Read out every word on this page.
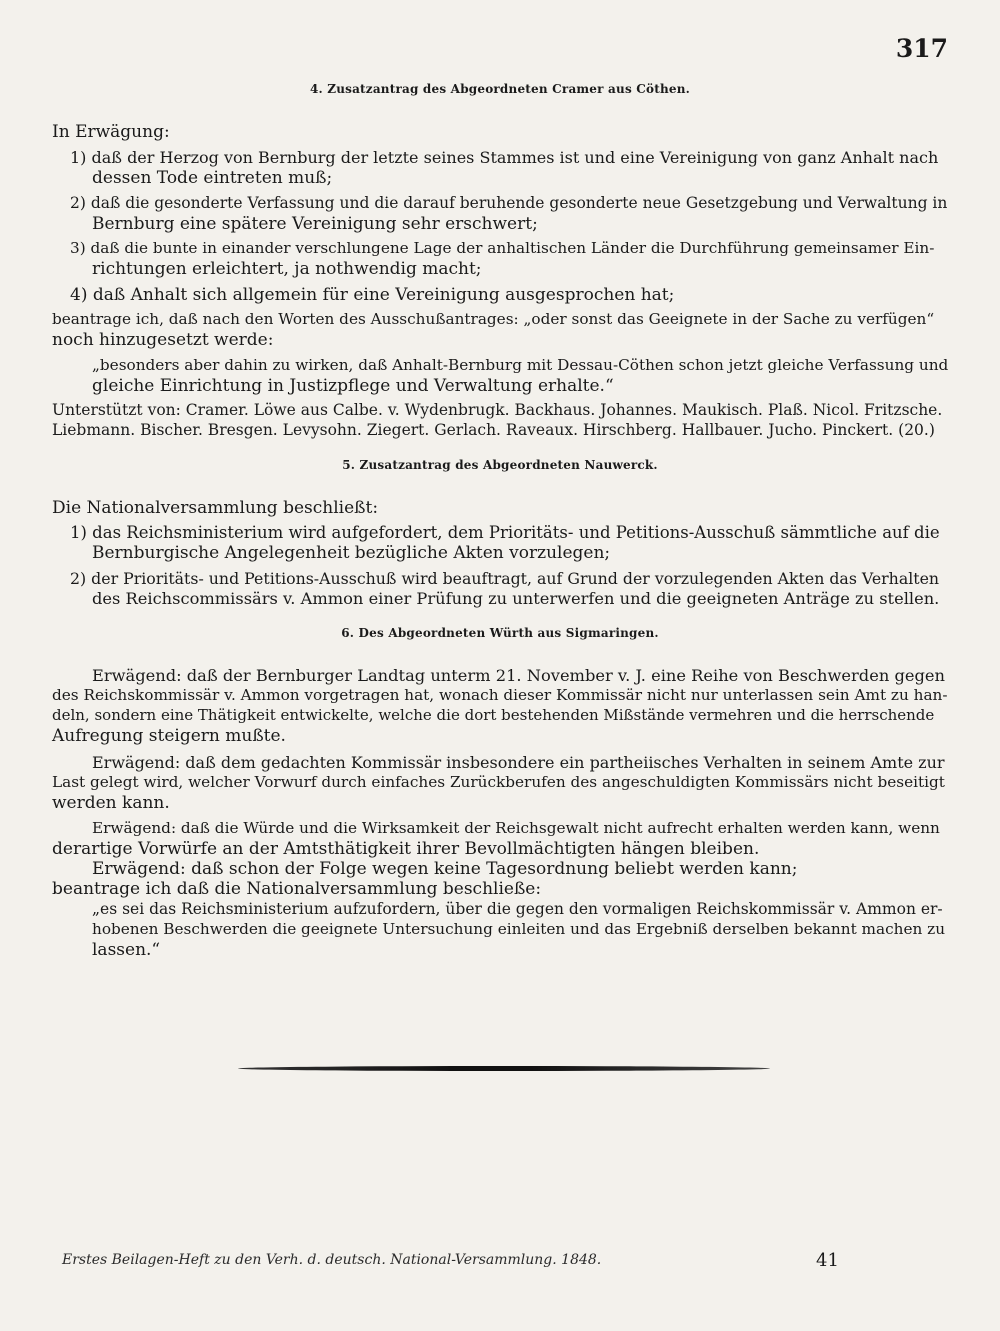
317
4. Zusatzantrag des Abgeordneten Cramer aus Cöthen.
In Erwägung:
1) daß der Herzog von Bernburg der letzte seines Stammes ist und eine Vereinigung von ganz Anhalt nach
dessen Tode eintreten muß;
2) daß die gesonderte Verfassung und die darauf beruhende gesonderte neue Gesetzgebung und Verwaltung in
Bernburg eine spätere Vereinigung sehr erschwert;
3) daß die bunte in einander verschlungene Lage der anhaltischen Länder die Durchführung gemeinsamer Ein-
richtungen erleichtert, ja nothwendig macht;
4) daß Anhalt sich allgemein für eine Vereinigung ausgesprochen hat;
beantrage ich, daß nach den Worten des Ausschußantrages: „oder sonst das Geeignete in der Sache zu verfügen“
noch hinzugesetzt werde:
„besonders aber dahin zu wirken, daß Anhalt-Bernburg mit Dessau-Cöthen schon jetzt gleiche Verfassung und
gleiche Einrichtung in Justizpflege und Verwaltung erhalte.“
Unterstützt von: Cramer. Löwe aus Calbe. v. Wydenbrugk. Backhaus. Johannes. Maukisch. Plaß. Nicol. Fritzsche.
Liebmann. Bischer. Bresgen. Levysohn. Ziegert. Gerlach. Raveaux. Hirschberg. Hallbauer. Jucho. Pinckert. (20.)
5. Zusatzantrag des Abgeordneten Nauwerck.
Die Nationalversammlung beschließt:
1) das Reichsministerium wird aufgefordert, dem Prioritäts- und Petitions-Ausschuß sämmtliche auf die
Bernburgische Angelegenheit bezügliche Akten vorzulegen;
2) der Prioritäts- und Petitions-Ausschuß wird beauftragt, auf Grund der vorzulegenden Akten das Verhalten
des Reichscommissärs v. Ammon einer Prüfung zu unterwerfen und die geeigneten Anträge zu stellen.
6. Des Abgeordneten Würth aus Sigmaringen.
Erwägend: daß der Bernburger Landtag unterm 21. November v. J. eine Reihe von Beschwerden gegen
des Reichskommissär v. Ammon vorgetragen hat, wonach dieser Kommissär nicht nur unterlassen sein Amt zu han-
deln, sondern eine Thätigkeit entwickelte, welche die dort bestehenden Mißstände vermehren und die herrschende
Aufregung steigern mußte.
Erwägend: daß dem gedachten Kommissär insbesondere ein partheiisches Verhalten in seinem Amte zur
Last gelegt wird, welcher Vorwurf durch einfaches Zurückberufen des angeschuldigten Kommissärs nicht beseitigt
werden kann.
Erwägend: daß die Würde und die Wirksamkeit der Reichsgewalt nicht aufrecht erhalten werden kann, wenn
derartige Vorwürfe an der Amtsthätigkeit ihrer Bevollmächtigten hängen bleiben.
Erwägend: daß schon der Folge wegen keine Tagesordnung beliebt werden kann;
beantrage ich daß die Nationalversammlung beschließe:
„es sei das Reichsministerium aufzufordern, über die gegen den vormaligen Reichskommissär v. Ammon er-
hobenen Beschwerden die geeignete Untersuchung einleiten und das Ergebniß derselben bekannt machen zu
lassen.“
Erstes Beilagen-Heft zu den Verh. d. deutsch. National-Versammlung. 1848.	41
